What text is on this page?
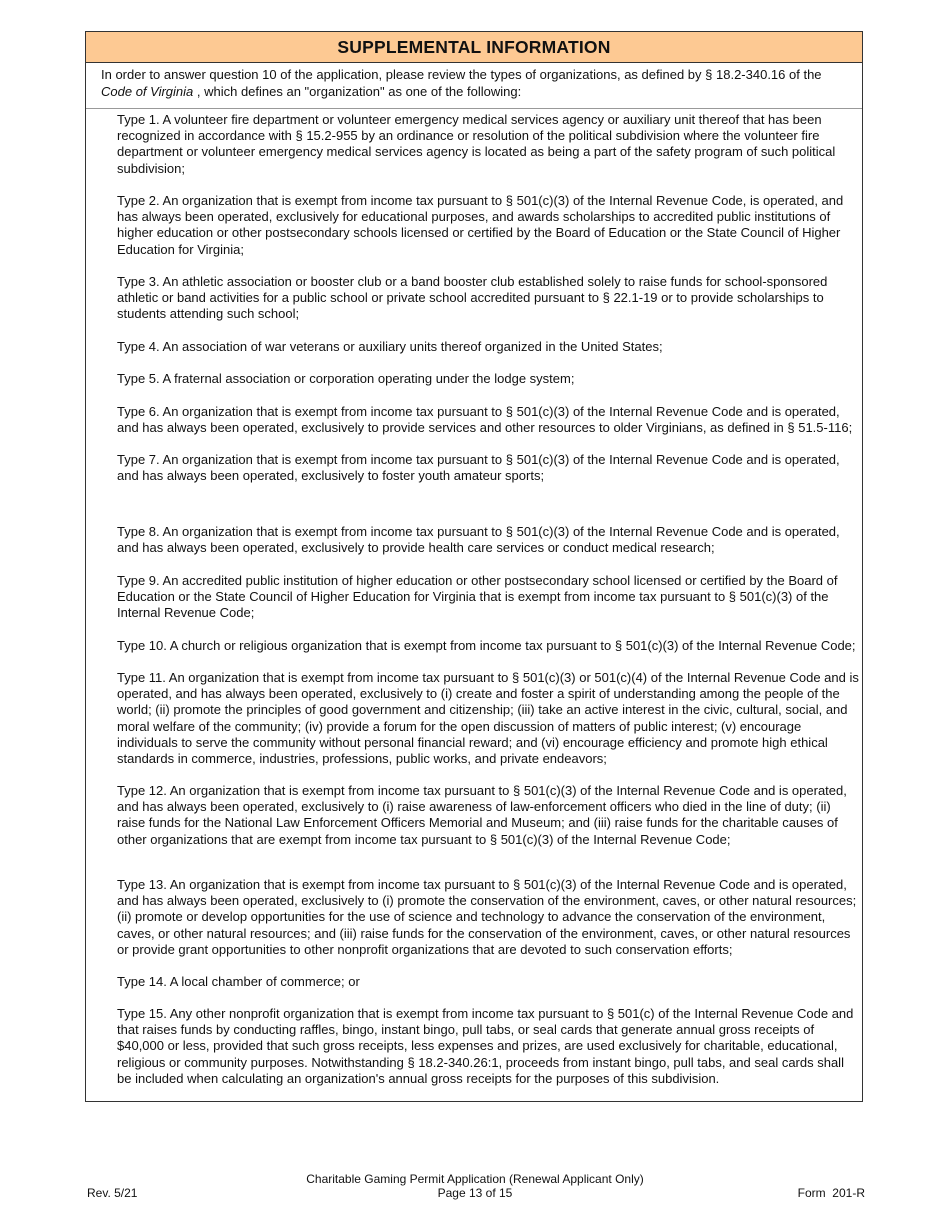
SUPPLEMENTAL INFORMATION
In order to answer question 10 of the application, please review the types of organizations, as defined by § 18.2-340.16 of the Code of Virginia , which defines an "organization" as one of the following:

Type 1. A volunteer fire department or volunteer emergency medical services agency or auxiliary unit thereof that has been recognized in accordance with § 15.2-955 by an ordinance or resolution of the political subdivision where the volunteer fire department or volunteer emergency medical services agency is located as being a part of the safety program of such political subdivision;

Type 2. An organization that is exempt from income tax pursuant to § 501(c)(3) of the Internal Revenue Code, is operated, and has always been operated, exclusively for educational purposes, and awards scholarships to accredited public institutions of higher education or other postsecondary schools licensed or certified by the Board of Education or the State Council of Higher Education for Virginia;

Type 3. An athletic association or booster club or a band booster club established solely to raise funds for school-sponsored athletic or band activities for a public school or private school accredited pursuant to § 22.1-19 or to provide scholarships to students attending such school;

Type 4. An association of war veterans or auxiliary units thereof organized in the United States;

Type 5. A fraternal association or corporation operating under the lodge system;

Type 6. An organization that is exempt from income tax pursuant to § 501(c)(3) of the Internal Revenue Code and is operated, and has always been operated, exclusively to provide services and other resources to older Virginians, as defined in § 51.5-116;

Type 7. An organization that is exempt from income tax pursuant to § 501(c)(3) of the Internal Revenue Code and is operated, and has always been operated, exclusively to foster youth amateur sports;

Type 8. An organization that is exempt from income tax pursuant to § 501(c)(3) of the Internal Revenue Code and is operated, and has always been operated, exclusively to provide health care services or conduct medical research;

Type 9. An accredited public institution of higher education or other postsecondary school licensed or certified by the Board of Education or the State Council of Higher Education for Virginia that is exempt from income tax pursuant to § 501(c)(3) of the Internal Revenue Code;

Type 10. A church or religious organization that is exempt from income tax pursuant to § 501(c)(3) of the Internal Revenue Code;

Type 11. An organization that is exempt from income tax pursuant to § 501(c)(3) or 501(c)(4) of the Internal Revenue Code and is operated, and has always been operated, exclusively to (i) create and foster a spirit of understanding among the people of the world; (ii) promote the principles of good government and citizenship; (iii) take an active interest in the civic, cultural, social, and moral welfare of the community; (iv) provide a forum for the open discussion of matters of public interest; (v) encourage individuals to serve the community without personal financial reward; and (vi) encourage efficiency and promote high ethical standards in commerce, industries, professions, public works, and private endeavors;

Type 12. An organization that is exempt from income tax pursuant to § 501(c)(3) of the Internal Revenue Code and is operated, and has always been operated, exclusively to (i) raise awareness of law-enforcement officers who died in the line of duty; (ii) raise funds for the National Law Enforcement Officers Memorial and Museum; and (iii) raise funds for the charitable causes of other organizations that are exempt from income tax pursuant to § 501(c)(3) of the Internal Revenue Code;

Type 13. An organization that is exempt from income tax pursuant to § 501(c)(3) of the Internal Revenue Code and is operated, and has always been operated, exclusively to (i) promote the conservation of the environment, caves, or other natural resources; (ii) promote or develop opportunities for the use of science and technology to advance the conservation of the environment, caves, or other natural resources; and (iii) raise funds for the conservation of the environment, caves, or other natural resources or provide grant opportunities to other nonprofit organizations that are devoted to such conservation efforts;

Type 14. A local chamber of commerce; or

Type 15. Any other nonprofit organization that is exempt from income tax pursuant to § 501(c) of the Internal Revenue Code and that raises funds by conducting raffles, bingo, instant bingo, pull tabs, or seal cards that generate annual gross receipts of $40,000 or less, provided that such gross receipts, less expenses and prizes, are used exclusively for charitable, educational, religious or community purposes. Notwithstanding § 18.2-340.26:1, proceeds from instant bingo, pull tabs, and seal cards shall be included when calculating an organization's annual gross receipts for the purposes of this subdivision.

Charitable Gaming Permit Application (Renewal Applicant Only)
Page 13 of 15
Rev. 5/21	Form  201-R
